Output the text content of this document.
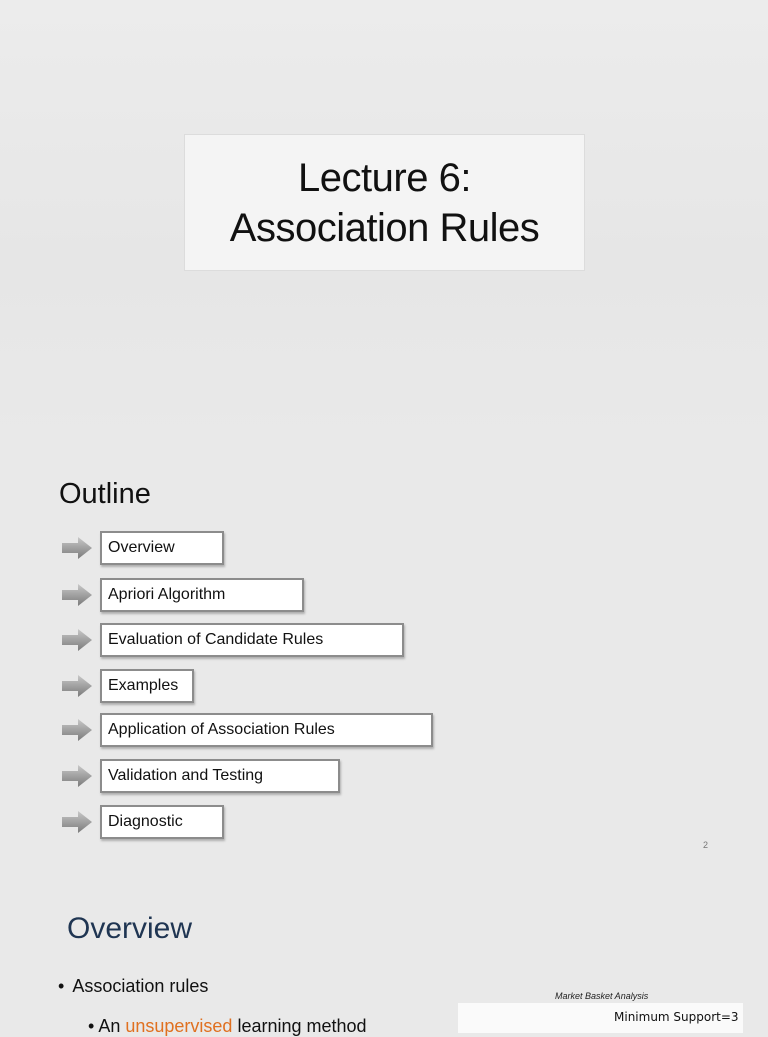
Lecture 6:
Association Rules
Outline
Overview
Apriori Algorithm
Evaluation of Candidate Rules
Examples
Application of Association Rules
Validation and Testing
Diagnostic
2
Overview
• Association rules
• An unsupervised learning method
Market Basket Analysis
Minimum Support=3
